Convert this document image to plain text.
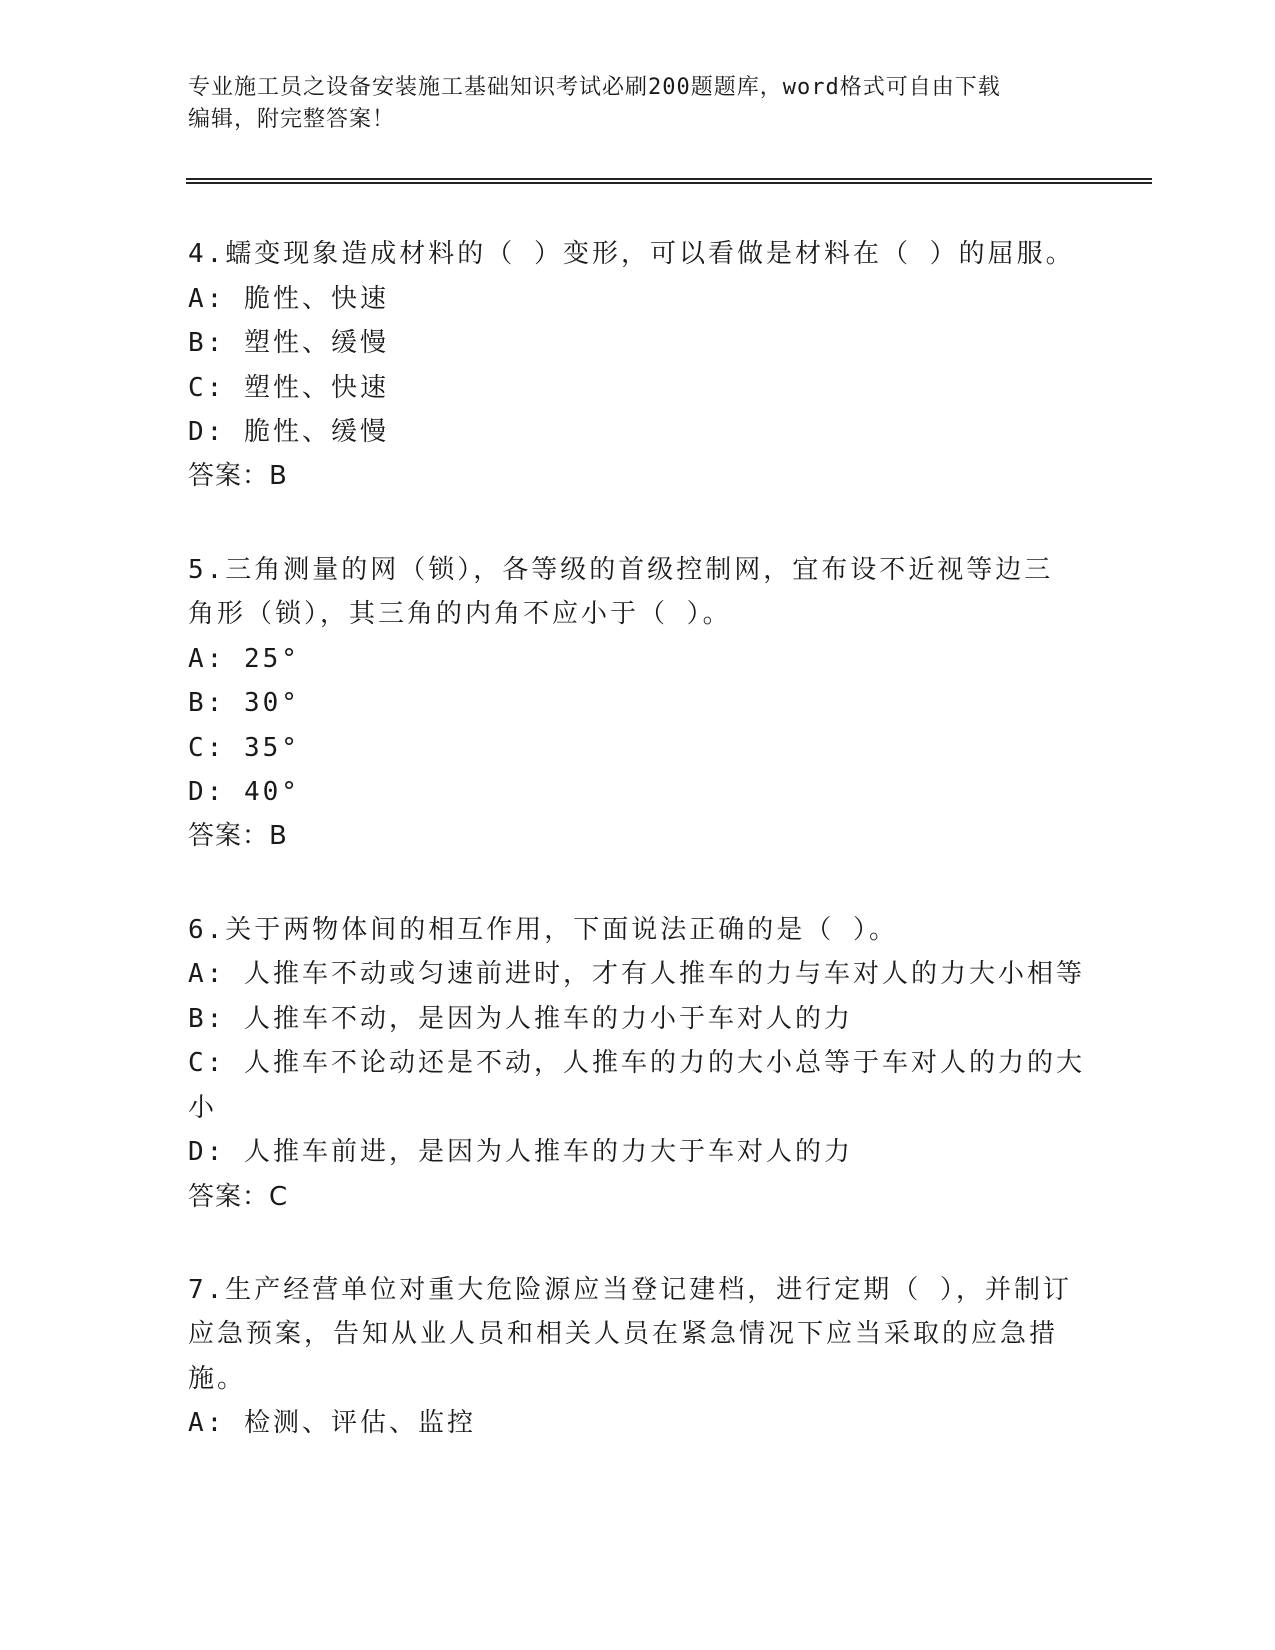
专业施工员之设备安装施工基础知识考试必刷200题题库，word格式可自由下载
编辑，附完整答案！
4.蠕变现象造成材料的（ ）变形，可以看做是材料在（ ）的屈服。
A: 脆性、快速
B: 塑性、缓慢
C: 塑性、快速
D: 脆性、缓慢
答案：B
5.三角测量的网（锁），各等级的首级控制网，宜布设不近视等边三
角形（锁），其三角的内角不应小于（ ）。
A: 25°
B: 30°
C: 35°
D: 40°
答案：B
6.关于两物体间的相互作用，下面说法正确的是（ ）。
A: 人推车不动或匀速前进时，才有人推车的力与车对人的力大小相等
B: 人推车不动，是因为人推车的力小于车对人的力
C: 人推车不论动还是不动，人推车的力的大小总等于车对人的力的大
小
D: 人推车前进，是因为人推车的力大于车对人的力
答案：C
7.生产经营单位对重大危险源应当登记建档，进行定期（ ），并制订
应急预案，告知从业人员和相关人员在紧急情况下应当采取的应急措
施。
A: 检测、评估、监控
